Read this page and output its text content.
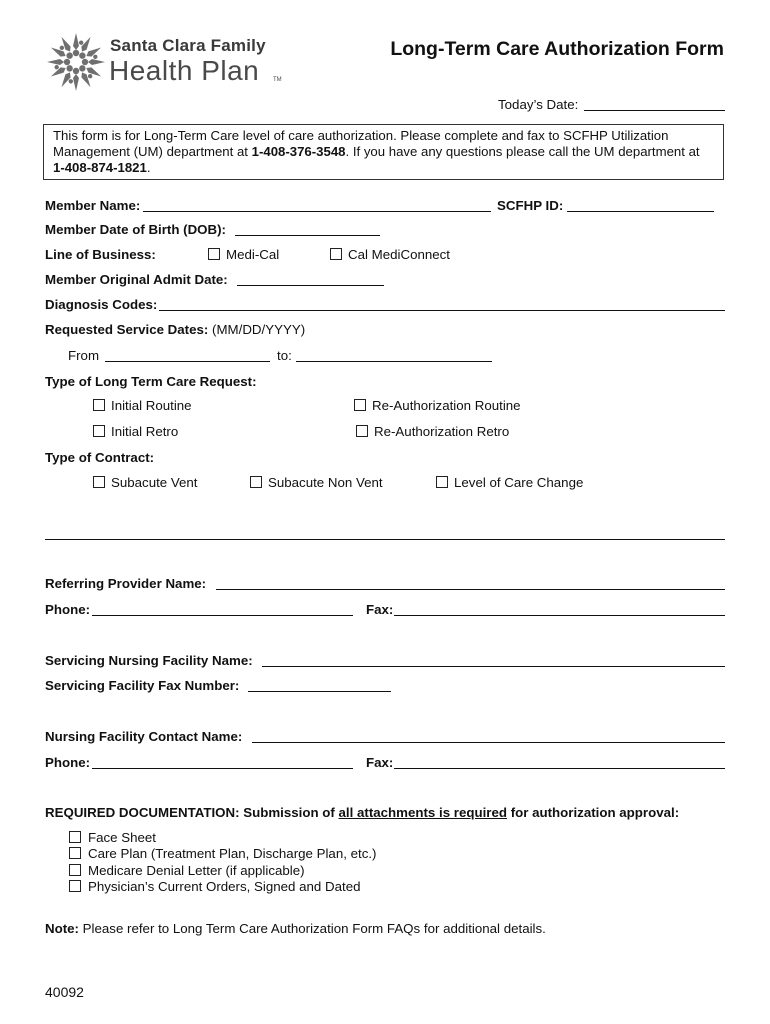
Santa Clara Family
Health Plan TM
Long-Term Care Authorization Form
Today’s Date:
This form is for Long-Term Care level of care authorization. Please complete and fax to SCFHP Utilization Management (UM) department at 1-408-376-3548. If you have any questions please call the UM department at 1-408-874-1821.
Member Name:	SCFHP ID:
Member Date of Birth (DOB):
Line of Business:	Medi-Cal	Cal MediConnect
Member Original Admit Date:
Diagnosis Codes:
Requested Service Dates: (MM/DD/YYYY)
From	to:
Type of Long Term Care Request:
Initial Routine	Re-Authorization Routine
Initial Retro	Re-Authorization Retro
Type of Contract:
Subacute Vent	Subacute Non Vent	Level of Care Change
Referring Provider Name:
Phone:	Fax:
Servicing Nursing Facility Name:
Servicing Facility Fax Number:
Nursing Facility Contact Name:
Phone:	Fax:
REQUIRED DOCUMENTATION: Submission of all attachments is required for authorization approval:
Face Sheet
Care Plan (Treatment Plan, Discharge Plan, etc.)
Medicare Denial Letter (if applicable)
Physician’s Current Orders, Signed and Dated
Note: Please refer to Long Term Care Authorization Form FAQs for additional details.
40092
